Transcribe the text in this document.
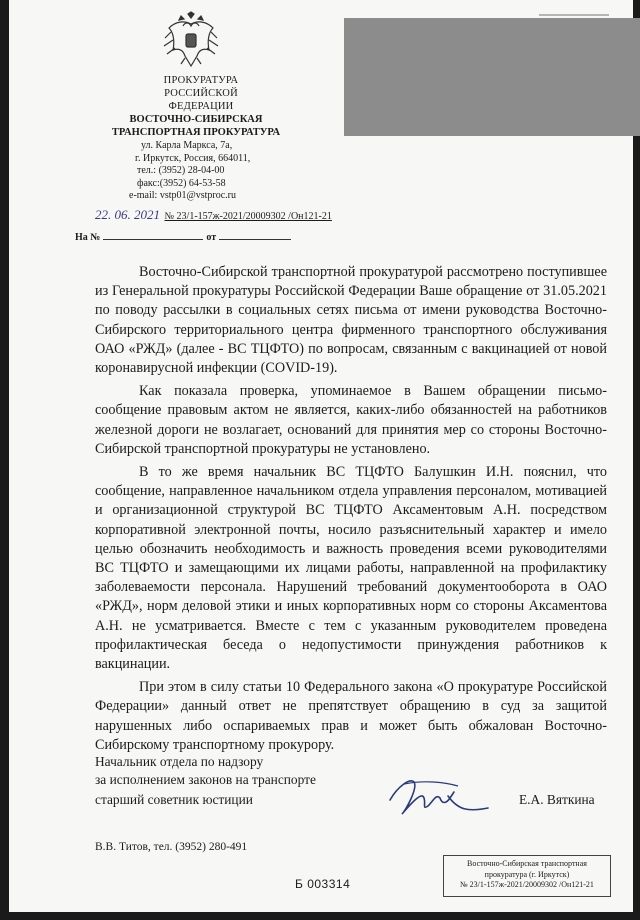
ПРОКУРАТУРА
РОССИЙСКОЙ ФЕДЕРАЦИИ
ВОСТОЧНО-СИБИРСКАЯ
ТРАНСПОРТНАЯ ПРОКУРАТУРА
ул. Карла Маркса, 7а,
г. Иркутск, Россия, 664011,
тел.: (3952) 28-04-00
факс:(3952) 64-53-58
e-mail: vstp01@vstproc.ru
22. 06. 2021 № 23/1-157ж-2021/20009302 /Он121-21
На №	от

Восточно-Сибирской транспортной прокуратурой рассмотрено поступившее из Генеральной прокуратуры Российской Федерации Ваше обращение от 31.05.2021 по поводу рассылки в социальных сетях письма от имени руководства Восточно-Сибирского территориального центра фирменного транспортного обслуживания ОАО «РЖД» (далее - ВС ТЦФТО) по вопросам, связанным с вакцинацией от новой коронавирусной инфекции (COVID-19).

Как показала проверка, упоминаемое в Вашем обращении письмо-сообщение правовым актом не является, каких-либо обязанностей на работников железной дороги не возлагает, оснований для принятия мер со стороны Восточно-Сибирской транспортной прокуратуры не установлено.

В то же время начальник ВС ТЦФТО Балушкин И.Н. пояснил, что сообщение, направленное начальником отдела управления персоналом, мотивацией и организационной структурой ВС ТЦФТО Аксаментовым А.Н. посредством корпоративной электронной почты, носило разъяснительный характер и имело целью обозначить необходимость и важность проведения всеми руководителями ВС ТЦФТО и замещающими их лицами работы, направленной на профилактику заболеваемости персонала. Нарушений требований документооборота в ОАО «РЖД», норм деловой этики и иных корпоративных норм со стороны Аксаментова А.Н. не усматривается. Вместе с тем с указанным руководителем проведена профилактическая беседа о недопустимости принуждения работников к вакцинации.

При этом в силу статьи 10 Федерального закона «О прокуратуре Российской Федерации» данный ответ не препятствует обращению в суд за защитой нарушенных либо оспариваемых прав и может быть обжалован Восточно-Сибирскому транспортному прокурору.

Начальник отдела по надзору
за исполнением законов на транспорте
старший советник юстиции	Е.А. Вяткина
В.В. Титов, тел. (3952) 280-491
Б 003314
Восточно-Сибирская транспортная
прокуратура (г. Иркутск)
№ 23/1-157ж-2021/20009302 /Он121-21
